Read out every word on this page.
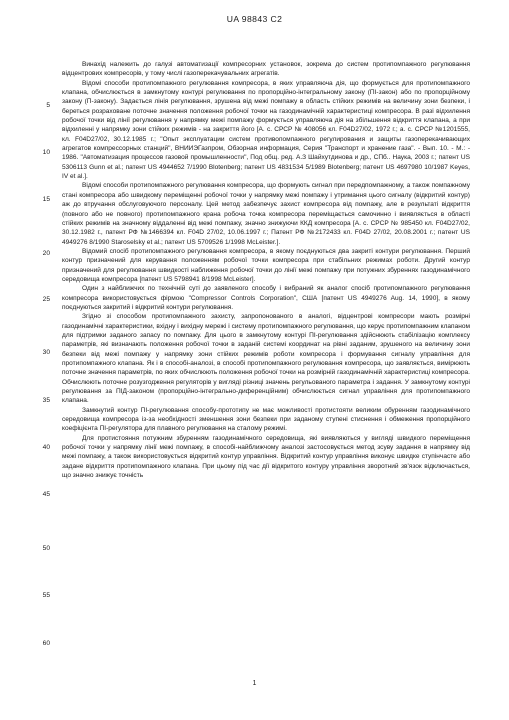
UA 98843 C2

Винахід належить до галузі автоматизації компресорних установок, зокрема до систем протипомпажного регулювання відцентрових компресорів, у тому числі газоперекачувальних агрегатів.

Відомі способи протипомпажного регулювання компресора, в яких управляюча дія, що формується для протипомпажного клапана, обчислюється в замкнутому контурі регулювання по пропорційно-інтегральному закону (ПІ-закон) або по пропорційному закону (П-закону). Задається лінія регулювання, зрушена від межі помпажу в область стійких режимів на величину зони безпеки, і береться розраховане поточне значення положення робочої точки на газодинамічній характеристиці компресора. В разі відхилення робочої точки від лінії регулювання у напрямку межі помпажу формується управляюча дія на збільшення відкриття клапана, а при відхиленні у напрямку зони стійких режимів - на закриття його [А. с. СРСР № 408056 кл. F04D27/02, 1972 г.; а. с. СРСР №1201555, кл. F04D27/02, 30.12.1985 г.; "Опыт эксплуатации систем противопомпажного регулирования и защиты газоперекачивающих агрегатов компрессорных станций", ВНИИЭГазпром, Обзорная информация, Серия "Транспорт и хранение газа". - Вып. 10. - М.: - 1986. "Автоматизация процессов газовой промышленности", Под общ. ред. А.З Шайхутдинова и др., СПб.. Наука, 2003 г.; патент US 5306113 Gunn et al.; патент US 4944652 7/1990 Blotenberg; патент US 4831534 5/1989 Blotenberg; патент US 4697980 10/1987 Keyes, IV et al.].

Відомі способи протипомпажного регулювання компресора, що формують сигнал при передпомпажному, а також помпажному стані компресора або швидкому переміщенні робочої точки у напрямку межі помпажу і утримання цього сигналу (відкритий контур) аж до втручання обслуговуючого персоналу. Цей метод забезпечує захист компресора від помпажу, але в результаті відкриття (повного або не повного) протипомпажного крана робоча точка компресора переміщається самочинно і виявляється в області стійких режимів на значному віддаленні від межі помпажу, значно знижуючи ККД компресора [А. с. СРСР № 985450 кл. F04D27/02, 30.12.1982 г., патент РФ №1466394 кл. F04D 27/02, 10.06.1997 г.; Патент РФ №2172433 кл. F04D 27/02, 20.08.2001 г.; патент US 4949276 8/1990 Staroselsky et al.; патент US 5709526 1/1998 McLeister.].

Відомий спосіб протипомпажного регулювання компресора, в якому поєднуються два закриті контури регулювання. Перший контур призначений для керування положенням робочої точки компресора при стабільних режимах роботи. Другий контур призначений для регулювання швидкості наближення робочої точки до лінії межі помпажу при потужних збуреннях газодинамічного середовища компресора [патент US 5798941 8/1998 McLeister].

Один з найближчих по технічній суті до заявленого способу і вибраний як аналог спосіб протипомпажного регулювання компресора використовується фірмою "Compressor Controls Corporation", США [патент US 4949276 Aug. 14, 1990], в якому поєднуються закритий і відкритий контури регулювання.

Згідно зі способом протипомпажного захисту, запропонованого в аналогі, відцентрові компресори мають розмірні газодинамічні характеристики, вхідну і вихідну мережі і систему протипомпажного регулювання, що керує протипомпажним клапаном для підтримки заданого запасу по помпажу. Для цього в замкнутому контурі ПІ-регулювання здійснюють стабілізацію комплексу параметрів, які визначають положення робочої точки в заданій системі координат на рівні заданим, зрушеного на величину зони безпеки від межі помпажу у напрямку зони стійких режимів роботи компресора і формування сигналу управління для протипомпажного клапана. Як і в способі-аналозі, в способі протипомпажного регулювання компресора, що заявляється, вимірюють поточне значення параметрів, по яких обчислюють положення робочої точки на розмірній газодинамічній характеристиці компресора. Обчислюють поточне розузгодження регуляторів у вигляді різниці значень регульованого параметра і задання. У замкнутому контурі регулювання за ПІД-законом (пропорційно-інтегрально-диференційним) обчислюється сигнал управління для протипомпажного клапана.

Замкнутий контур ПІ-регулювання способу-прототипу не має можливості протистояти великим обуренням газодинамічного середовища компресора із-за необхідності зменшення зони безпеки при заданому ступені стиснення і обмеження пропорційного коефіцієнта ПІ-регулятора для плавного регулювання на сталому режимі.

Для протистояння потужним збуренням газодинамічного середовища, які виявляються у вигляді швидкого переміщення робочої точки у напрямку лінії межі помпажу, в способі-найближчому аналозі застосовується метод зсуву задання в напрямку від межі помпажу, а також використовується відкритий контур управління. Відкритий контур управління виконує швидке ступінчасте або задане відкриття протипомпажного клапана. При цьому під час дії відкритого контуру управління зворотний зв'язок відключається, що значно знижує точність

5
10
15
20
25
30
35
40
45
50
55
60
1
